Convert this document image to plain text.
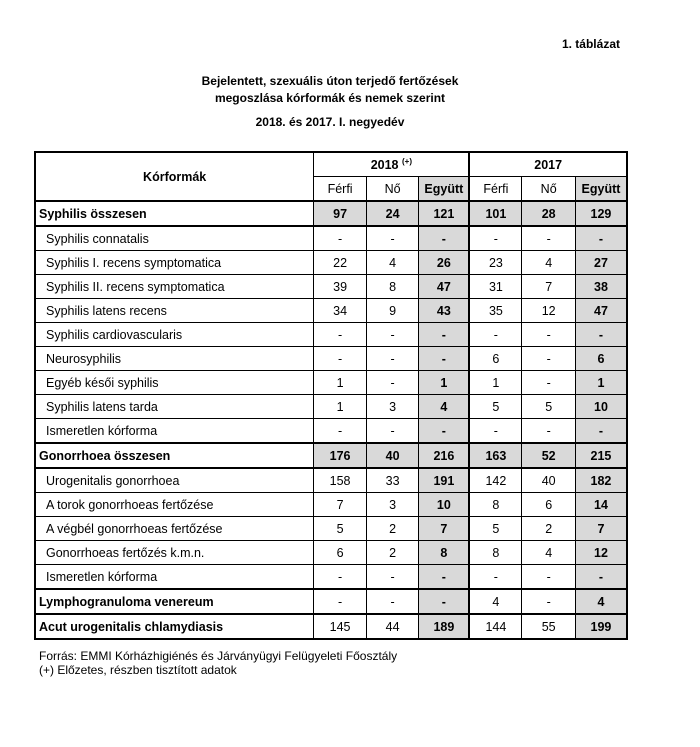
1. táblázat
Bejelentett, szexuális úton terjedő fertőzések
megoszlása kórformák és nemek szerint
2018. és 2017. I. negyedév
Kórformák	2018 (+)			2017		
	Férfi	Nő	Együtt	Férfi	Nő	Együtt
Syphilis összesen	97	24	121	101	28	129
Syphilis connatalis	-	-	-	-	-	-
Syphilis I. recens symptomatica	22	4	26	23	4	27
Syphilis II. recens symptomatica	39	8	47	31	7	38
Syphilis latens recens	34	9	43	35	12	47
Syphilis cardiovascularis	-	-	-	-	-	-
Neurosyphilis	-	-	-	6	-	6
Egyéb késői syphilis	1	-	1	1	-	1
Syphilis latens tarda	1	3	4	5	5	10
Ismeretlen kórforma	-	-	-	-	-	-
Gonorrhoea összesen	176	40	216	163	52	215
Urogenitalis gonorrhoea	158	33	191	142	40	182
A torok gonorrhoeas fertőzése	7	3	10	8	6	14
A végbél gonorrhoeas fertőzése	5	2	7	5	2	7
Gonorrhoeas fertőzés k.m.n.	6	2	8	8	4	12
Ismeretlen kórforma	-	-	-	-	-	-
Lymphogranuloma venereum	-	-	-	4	-	4
Acut urogenitalis chlamydiasis	145	44	189	144	55	199
Forrás: EMMI Kórházhigiénés és Járványügyi Felügyeleti Főosztály
(+) Előzetes, részben tisztított adatok
